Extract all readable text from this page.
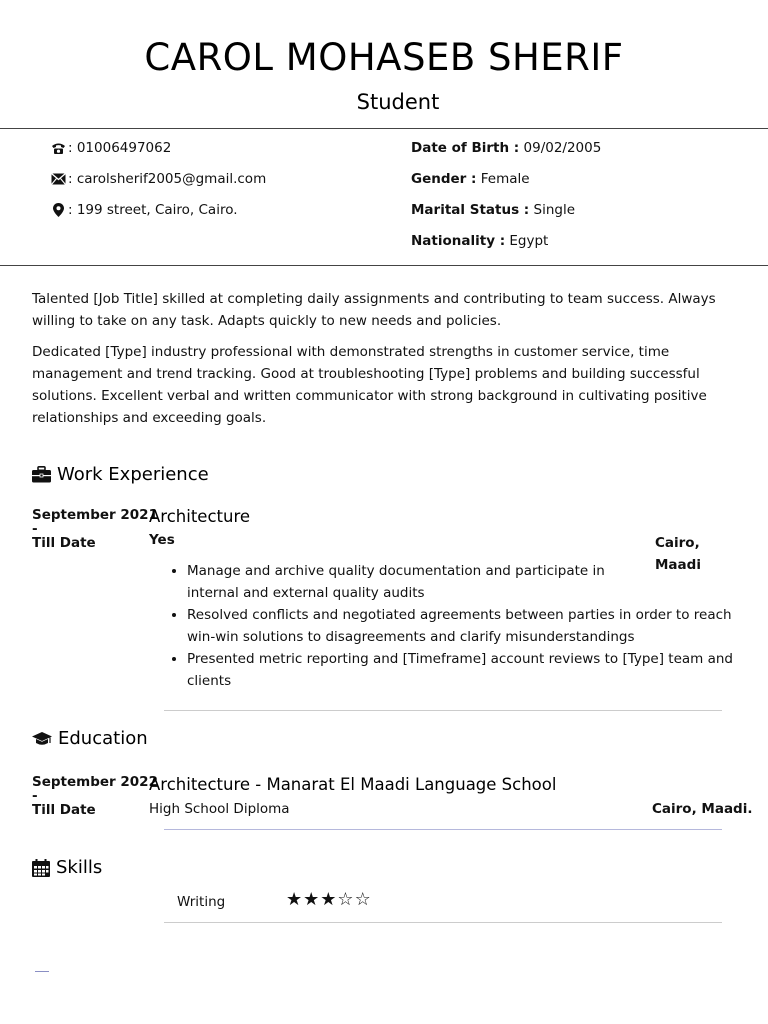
CAROL MOHASEB SHERIF
Student
: 01006497062
: carolsherif2005@gmail.com
: 199 street, Cairo, Cairo.
Date of Birth : 09/02/2005
Gender : Female
Marital Status : Single
Nationality : Egypt
Talented [Job Title] skilled at completing daily assignments and contributing to team success. Always willing to take on any task. Adapts quickly to new needs and policies.
Dedicated [Type] industry professional with demonstrated strengths in customer service, time management and trend tracking. Good at troubleshooting [Type] problems and building successful solutions. Excellent verbal and written communicator with strong background in cultivating positive relationships and exceeding goals.
Work Experience
September 2021
-
Till Date
Architecture
Yes	Cairo,
Maadi
• Manage and archive quality documentation and participate in internal and external quality audits
• Resolved conflicts and negotiated agreements between parties in order to reach win-win solutions to disagreements and clarify misunderstandings
• Presented metric reporting and [Timeframe] account reviews to [Type] team and clients
Education
September 2022
-
Till Date
Architecture - Manarat El Maadi Language School
High School Diploma	Cairo, Maadi.
Skills
Writing	★★★☆☆
